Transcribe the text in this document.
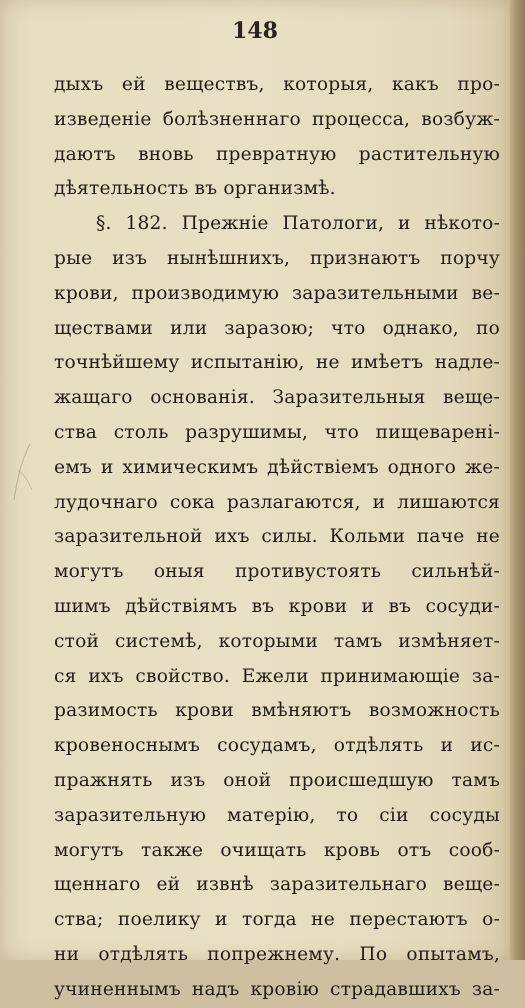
148
дыхъ ей веществъ, которыя, какъ про-
изведенiе болѣзненнаго процесса, возбуж-
даютъ вновь превратную растительную
дѣятельность въ организмѣ.
§. 182. Прежнiе Патологи, и нѣкото-
рые изъ нынѣшнихъ, признаютъ порчу
крови, производимую заразительными ве-
ществами или заразою; что однако, по
точнѣйшему испытанiю, не имѣетъ надле-
жащаго основанiя. Заразительныя веще-
ства столь разрушимы, что пищеваренi-
емъ и химическимъ дѣйствiемъ одного же-
лудочнаго сока разлагаются, и лишаются
заразительной ихъ силы. Кольми паче не
могутъ оныя противустоять сильнѣй-
шимъ дѣйствiямъ въ крови и въ сосуди-
стой системѣ, которыми тамъ измѣняет-
ся ихъ свойство. Ежели принимающiе за-
разимость крови вмѣняютъ возможность
кровеноснымъ сосудамъ, отдѣлять и ис-
пражнять изъ оной происшедшую тамъ
заразительную матерiю, то сiи сосуды
могутъ также очищать кровь отъ сооб-
щеннаго ей извнѣ заразительнаго веще-
ства; поелику и тогда не перестаютъ о-
ни отдѣлять попрежнему. По опытамъ,
учиненнымъ надъ кровiю страдавшихъ за-
